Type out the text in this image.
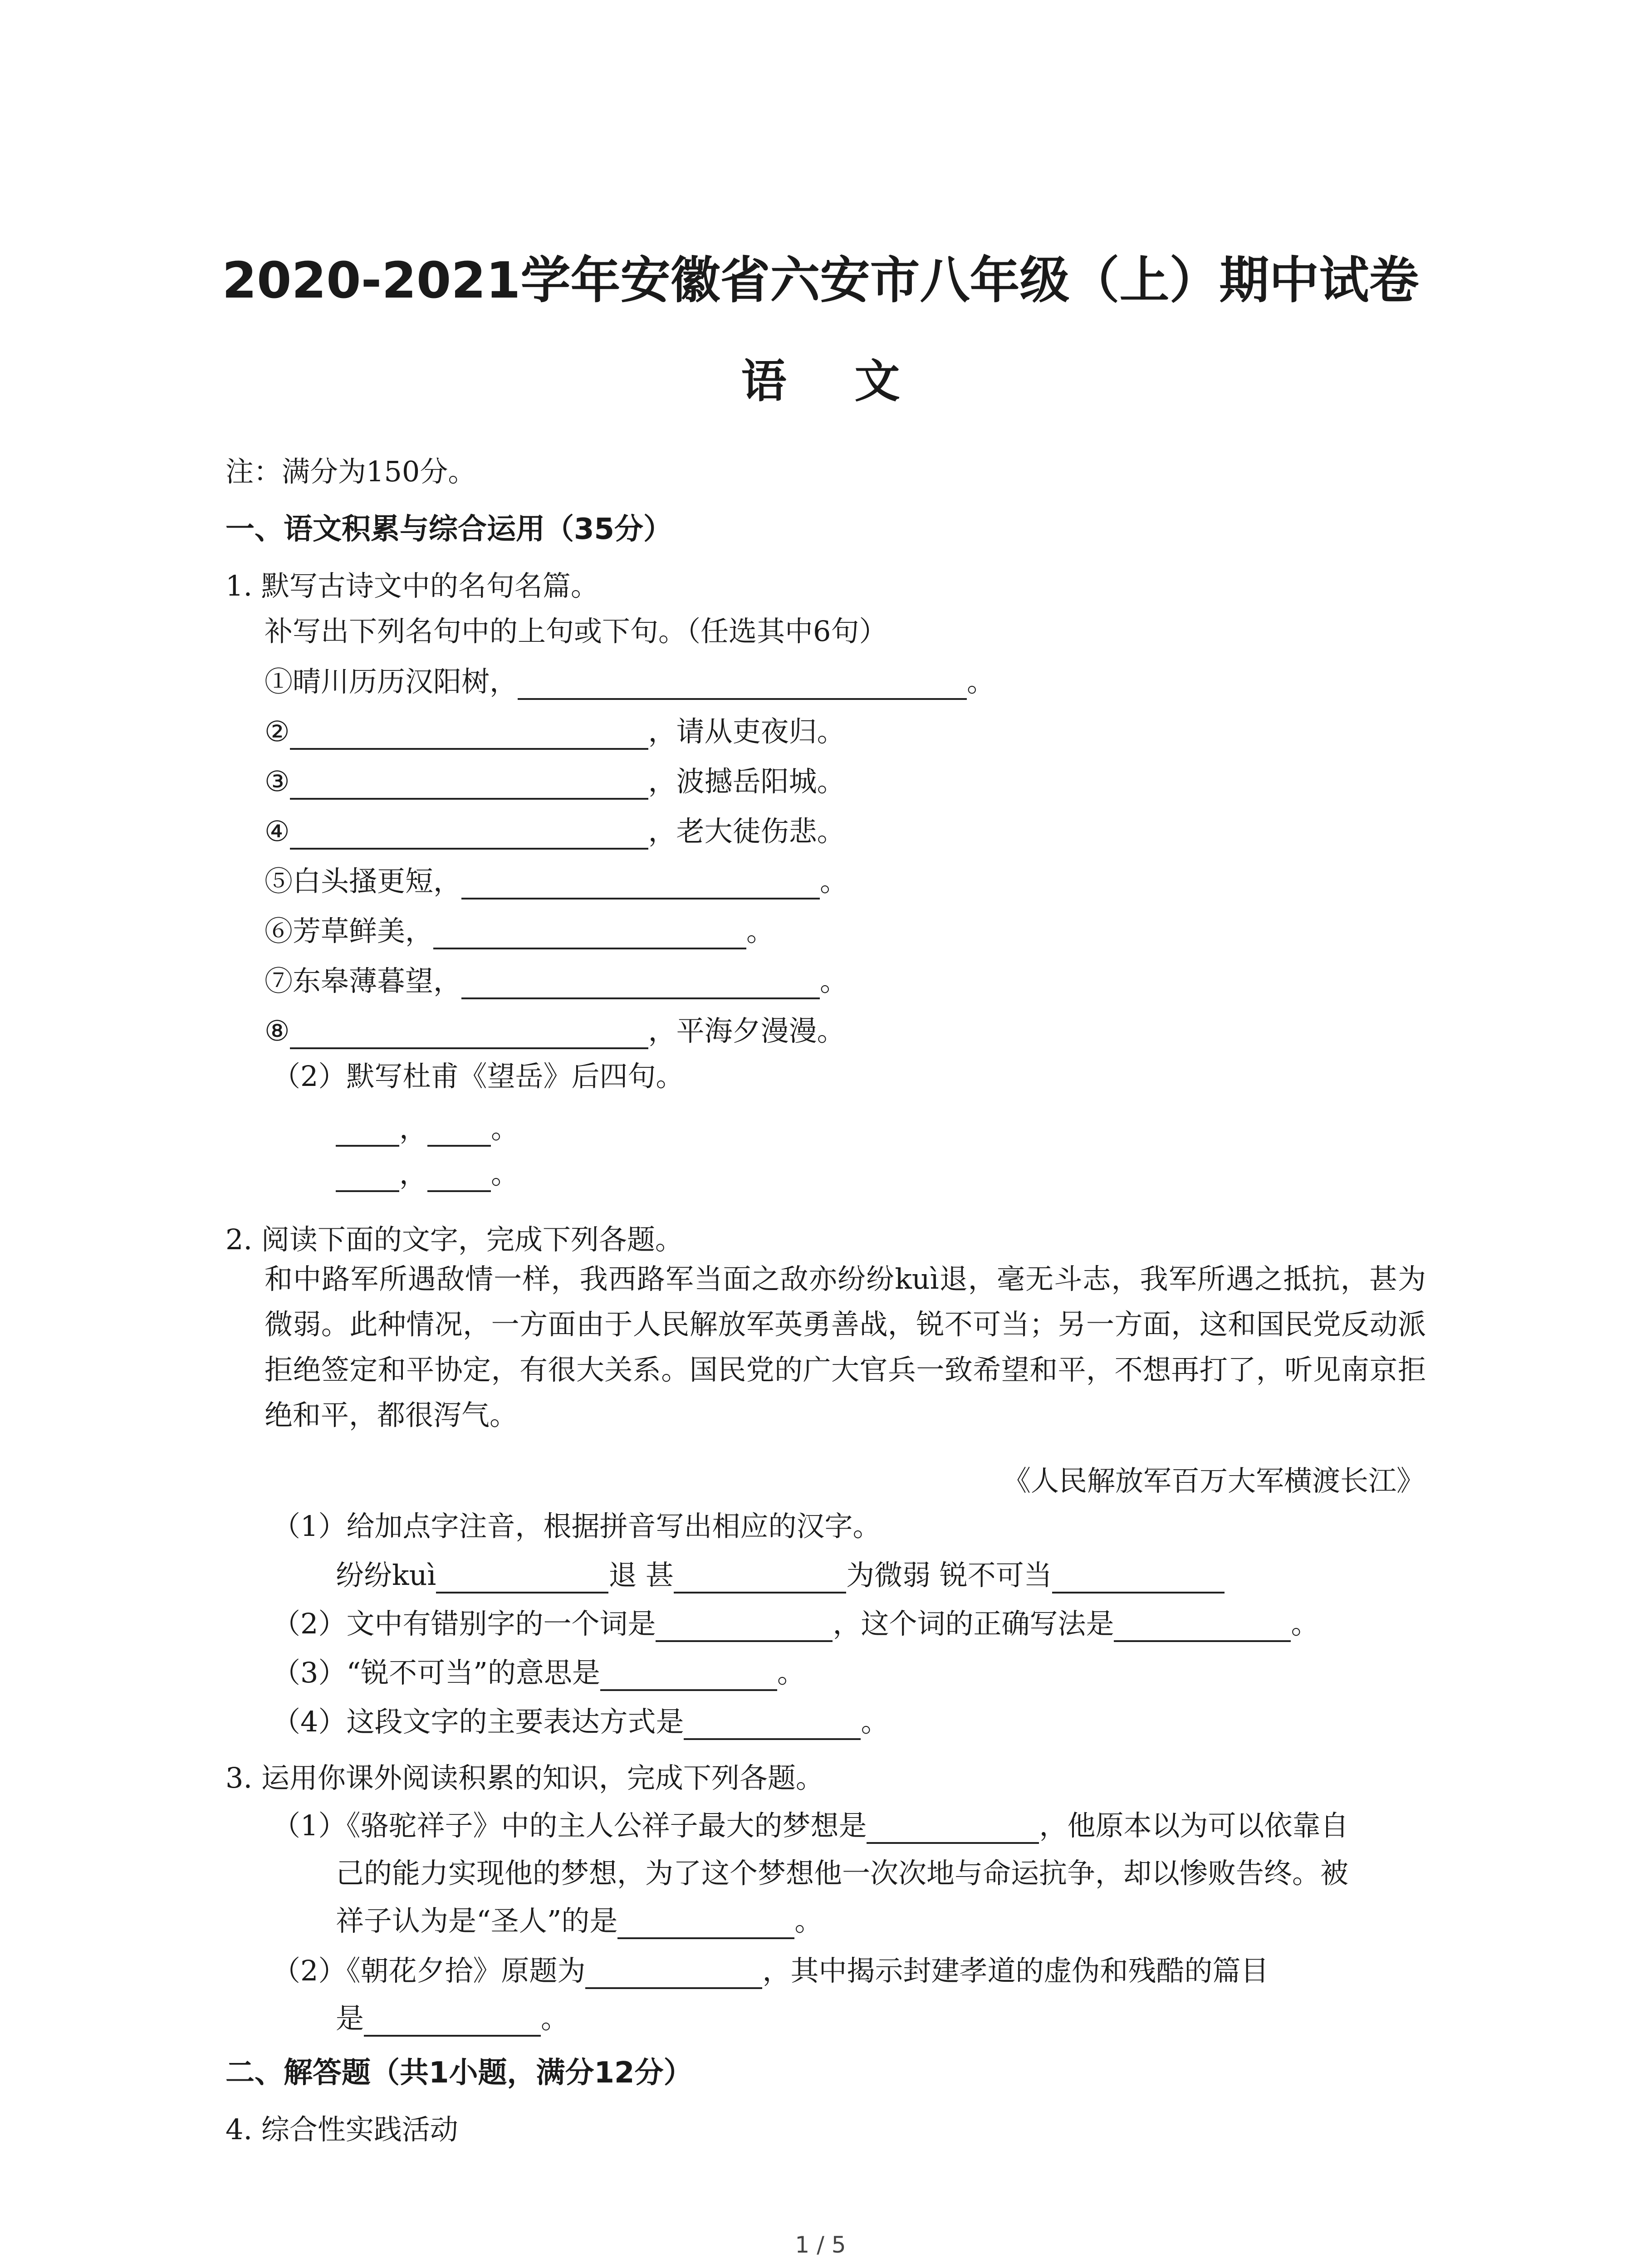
2020-2021学年安徽省六安市八年级（上）期中试卷
语文
注：满分为150分。
一、语文积累与综合运用（35分）
1. 默写古诗文中的名句名篇。
补写出下列名句中的上句或下句。（任选其中6句）
①晴川历历汉阳树，	。
②	，请从吏夜归。
③	，波撼岳阳城。
④	，老大徒伤悲。
⑤白头搔更短，	。
⑥芳草鲜美，	。
⑦东皋薄暮望，	。
⑧	，平海夕漫漫。
（2）默写杜甫《望岳》后四句。
， 。
， 。
2. 阅读下面的文字，完成下列各题。
和中路军所遇敌情一样，我西路军当面之敌亦纷纷kuì退，毫无斗志，我军所遇之抵抗，甚为微弱。此种情况，一方面由于人民解放军英勇善战，锐不可当；另一方面，这和国民党反动派拒绝签定和平协定，有很大关系。国民党的广大官兵一致希望和平，不想再打了，听见南京拒绝和平，都很泻气。
《人民解放军百万大军横渡长江》
（1）给加点字注音，根据拼音写出相应的汉字。
纷纷kuì	退 甚	为微弱 锐不可当
（2）文中有错别字的一个词是	，这个词的正确写法是	。
（3）“锐不可当”的意思是	。
（4）这段文字的主要表达方式是	。
3. 运用你课外阅读积累的知识，完成下列各题。
（1）《骆驼祥子》中的主人公祥子最大的梦想是	，他原本以为可以依靠自
己的能力实现他的梦想，为了这个梦想他一次次地与命运抗争，却以惨败告终。被
祥子认为是“圣人”的是	。
（2）《朝花夕拾》原题为	，其中揭示封建孝道的虚伪和残酷的篇目
是	。
二、解答题（共1小题，满分12分）
4. 综合性实践活动
1 / 5
